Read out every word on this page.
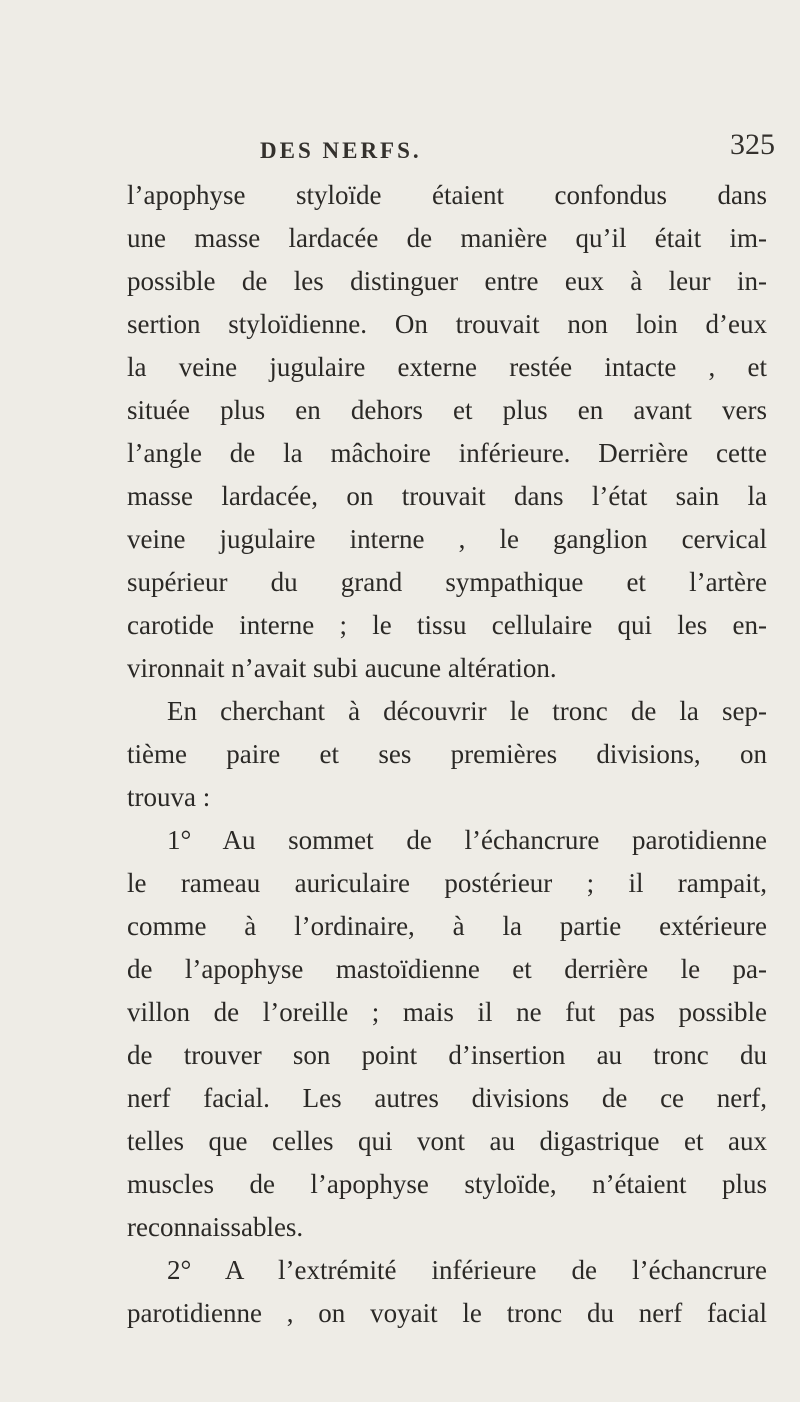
DES NERFS.	325
l’apophyse styloïde étaient confondus dans
une masse lardacée de manière qu’il était im-
possible de les distinguer entre eux à leur in-
sertion styloïdienne. On trouvait non loin d’eux
la veine jugulaire externe restée intacte , et
située plus en dehors et plus en avant vers
l’angle de la mâchoire inférieure. Derrière cette
masse lardacée, on trouvait dans l’état sain la
veine jugulaire interne , le ganglion cervical
supérieur du grand sympathique et l’artère
carotide interne ; le tissu cellulaire qui les en-
vironnait n’avait subi aucune altération.
En cherchant à découvrir le tronc de la sep-
tième paire et ses premières divisions, on
trouva :
1° Au sommet de l’échancrure parotidienne
le rameau auriculaire postérieur ; il rampait,
comme à l’ordinaire, à la partie extérieure
de l’apophyse mastoïdienne et derrière le pa-
villon de l’oreille ; mais il ne fut pas possible
de trouver son point d’insertion au tronc du
nerf facial. Les autres divisions de ce nerf,
telles que celles qui vont au digastrique et aux
muscles de l’apophyse styloïde, n’étaient plus
reconnaissables.
2° A l’extrémité inférieure de l’échancrure
parotidienne , on voyait le tronc du nerf facial
